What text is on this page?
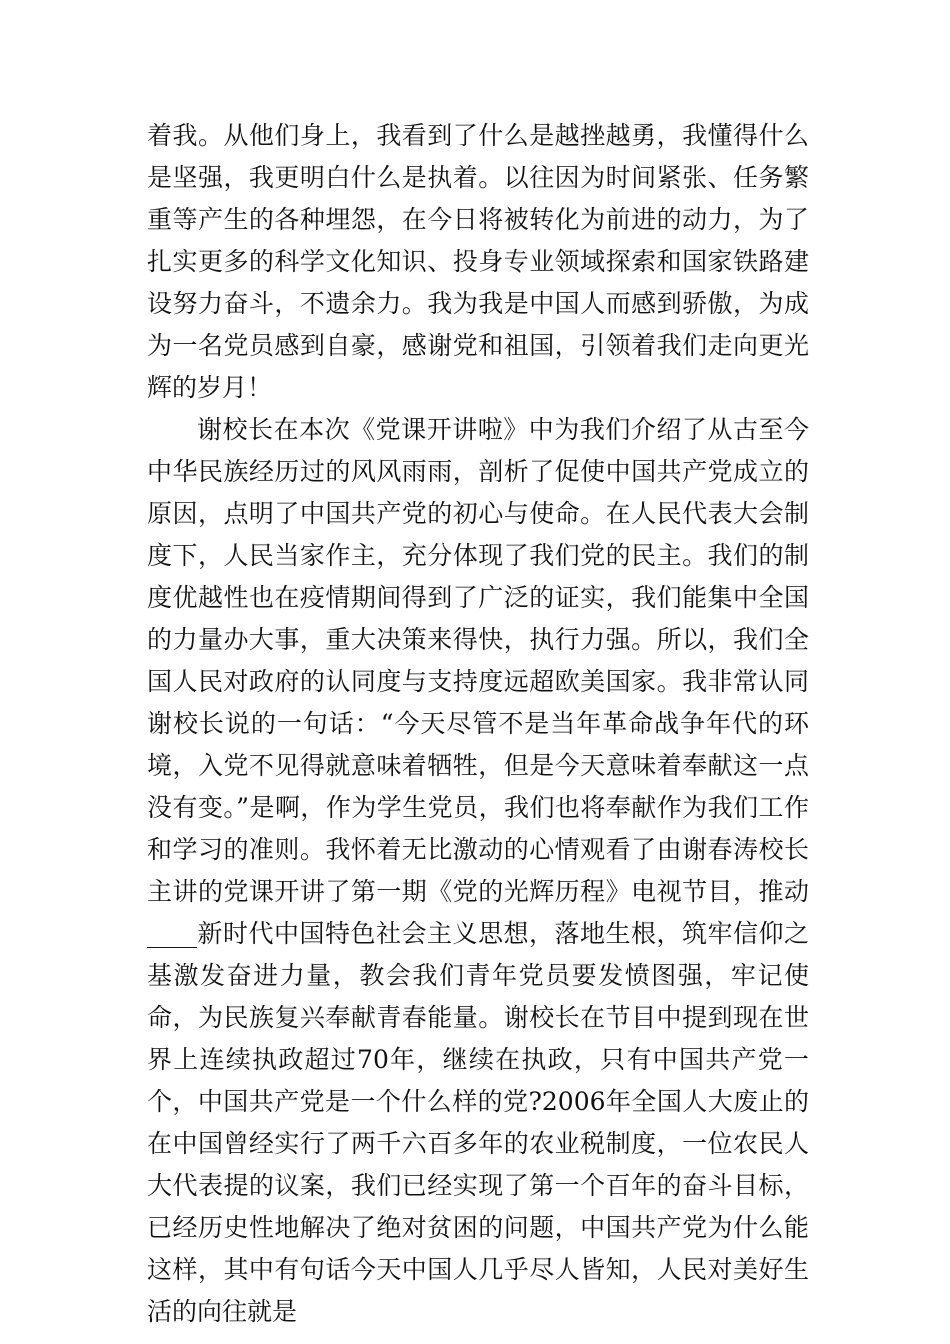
着我。从他们身上，我看到了什么是越挫越勇，我懂得什么是坚强，我更明白什么是执着。以往因为时间紧张、任务繁重等产生的各种埋怨，在今日将被转化为前进的动力，为了扎实更多的科学文化知识、投身专业领域探索和国家铁路建设努力奋斗，不遗余力。我为我是中国人而感到骄傲，为成为一名党员感到自豪，感谢党和祖国，引领着我们走向更光辉的岁月！

谢校长在本次《党课开讲啦》中为我们介绍了从古至今中华民族经历过的风风雨雨，剖析了促使中国共产党成立的原因，点明了中国共产党的初心与使命。在人民代表大会制度下，人民当家作主，充分体现了我们党的民主。我们的制度优越性也在疫情期间得到了广泛的证实，我们能集中全国的力量办大事，重大决策来得快，执行力强。所以，我们全国人民对政府的认同度与支持度远超欧美国家。我非常认同谢校长说的一句话：“今天尽管不是当年革命战争年代的环境，入党不见得就意味着牺牲，但是今天意味着奉献这一点没有变。”是啊，作为学生党员，我们也将奉献作为我们工作和学习的准则。我怀着无比激动的心情观看了由谢春涛校长主讲的党课开讲了第一期《党的光辉历程》电视节目，推动____新时代中国特色社会主义思想，落地生根，筑牢信仰之基激发奋进力量，教会我们青年党员要发愤图强，牢记使命，为民族复兴奉献青春能量。谢校长在节目中提到现在世界上连续执政超过70年，继续在执政，只有中国共产党一个，中国共产党是一个什么样的党?2006年全国人大废止的在中国曾经实行了两千六百多年的农业税制度，一位农民人大代表提的议案，我们已经实现了第一个百年的奋斗目标，已经历史性地解决了绝对贫困的问题，中国共产党为什么能这样，其中有句话今天中国人几乎尽人皆知，人民对美好生活的向往就是
